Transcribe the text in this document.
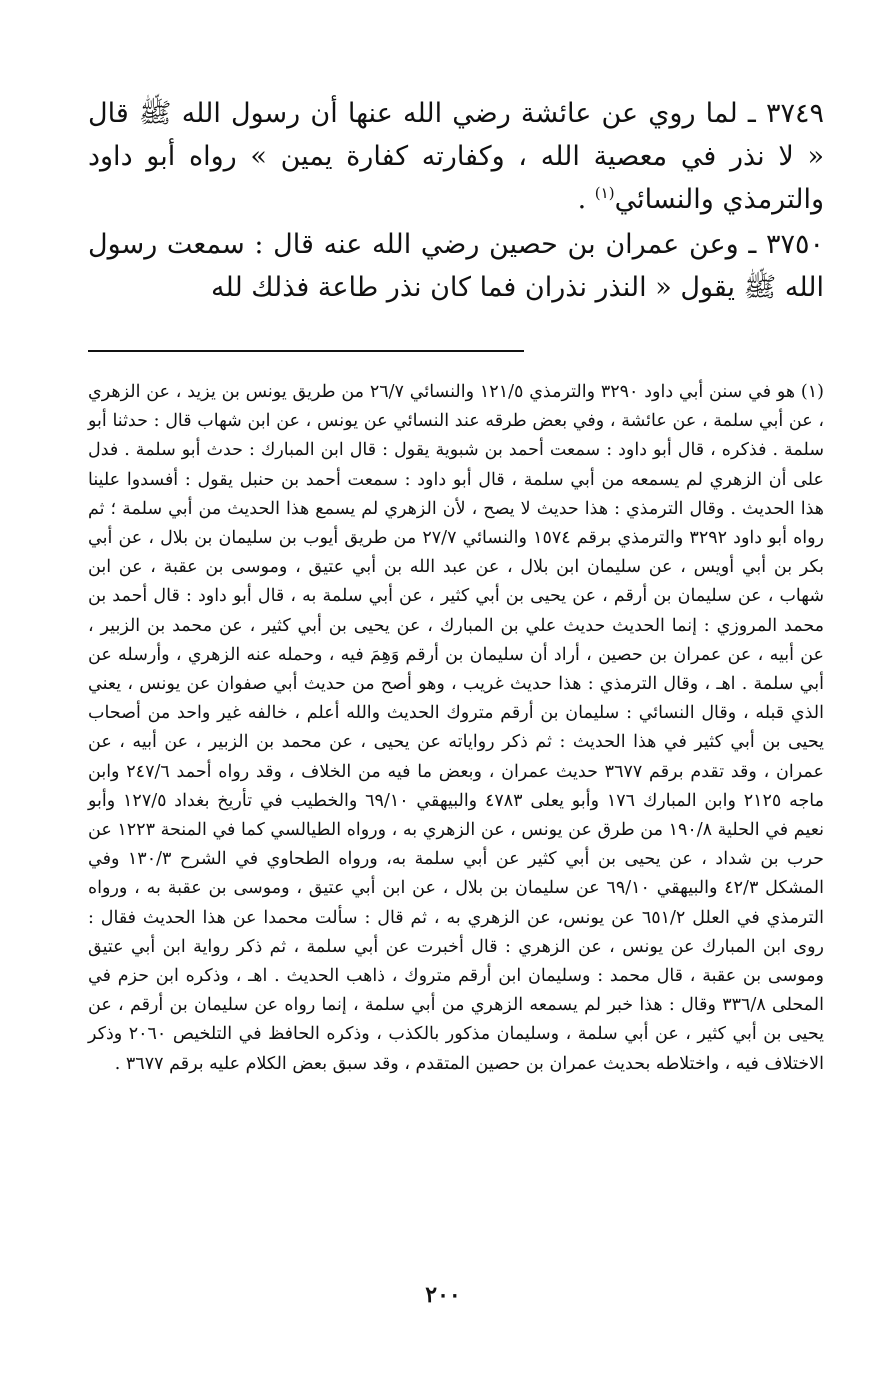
٣٧٤٩ ـ لما روي عن عائشة رضي الله عنها أن رسول الله ﷺ قال « لا نذر في معصية الله ، وكفارته كفارة يمين » رواه أبو داود والترمذي والنسائي$^{(١)}$ .

٣٧٥٠ ـ وعن عمران بن حصين رضي الله عنه قال : سمعت رسول الله ﷺ يقول « النذر نذران فما كان نذر طاعة فذلك لله

(١) هو في سنن أبي داود ٣٢٩٠ والترمذي ١٢١/٥ والنسائي ٢٦/٧ من طريق يونس بن يزيد ، عن الزهري ، عن أبي سلمة ، عن عائشة ، وفي بعض طرقه عند النسائي عن يونس ، عن ابن شهاب قال : حدثنا أبو سلمة . فذكره ، قال أبو داود : سمعت أحمد بن شبوية يقول : قال ابن المبارك : حدث أبو سلمة . فدل على أن الزهري لم يسمعه من أبي سلمة ، قال أبو داود : سمعت أحمد بن حنبل يقول : أفسدوا علينا هذا الحديث . وقال الترمذي : هذا حديث لا يصح ، لأن الزهري لم يسمع هذا الحديث من أبي سلمة ؛ ثم رواه أبو داود ٣٢٩٢ والترمذي برقم ١٥٧٤ والنسائي ٢٧/٧ من طريق أيوب بن سليمان بن بلال ، عن أبي بكر بن أبي أويس ، عن سليمان ابن بلال ، عن عبد الله بن أبي عتيق ، وموسى بن عقبة ، عن ابن شهاب ، عن سليمان بن أرقم ، عن يحيى بن أبي كثير ، عن أبي سلمة به ، قال أبو داود : قال أحمد بن محمد المروزي : إنما الحديث حديث علي بن المبارك ، عن يحيى بن أبي كثير ، عن محمد بن الزبير ، عن أبيه ، عن عمران بن حصين ، أراد أن سليمان بن أرقم وَهِمَ فيه ، وحمله عنه الزهري ، وأرسله عن أبي سلمة . اهـ ، وقال الترمذي : هذا حديث غريب ، وهو أصح من حديث أبي صفوان عن يونس ، يعني الذي قبله ، وقال النسائي : سليمان بن أرقم متروك الحديث والله أعلم ، خالفه غير واحد من أصحاب يحيى بن أبي كثير في هذا الحديث : ثم ذكر رواياته عن يحيى ، عن محمد بن الزبير ، عن أبيه ، عن عمران ، وقد تقدم برقم ٣٦٧٧ حديث عمران ، وبعض ما فيه من الخلاف ، وقد رواه أحمد ٢٤٧/٦ وابن ماجه ٢١٢٥ وابن المبارك ١٧٦ وأبو يعلى ٤٧٨٣ والبيهقي ٦٩/١٠ والخطيب في تأريخ بغداد ١٢٧/٥ وأبو نعيم في الحلية ١٩٠/٨ من طرق عن يونس ، عن الزهري به ، ورواه الطيالسي كما في المنحة ١٢٢٣ عن حرب بن شداد ، عن يحيى بن أبي كثير عن أبي سلمة به، ورواه الطحاوي في الشرح ١٣٠/٣ وفي المشكل ٤٢/٣ والبيهقي ٦٩/١٠ عن سليمان بن بلال ، عن ابن أبي عتيق ، وموسى بن عقبة به ، ورواه الترمذي في العلل ٦٥١/٢ عن يونس، عن الزهري به ، ثم قال : سألت محمدا عن هذا الحديث فقال : روى ابن المبارك عن يونس ، عن الزهري : قال أخبرت عن أبي سلمة ، ثم ذكر رواية ابن أبي عتيق وموسى بن عقبة ، قال محمد : وسليمان ابن أرقم متروك ، ذاهب الحديث . اهـ ، وذكره ابن حزم في المحلى ٣٣٦/٨ وقال : هذا خبر لم يسمعه الزهري من أبي سلمة ، إنما رواه عن سليمان بن أرقم ، عن يحيى بن أبي كثير ، عن أبي سلمة ، وسليمان مذكور بالكذب ، وذكره الحافظ في التلخيص ٢٠٦٠ وذكر الاختلاف فيه ، واختلاطه بحديث عمران بن حصين المتقدم ، وقد سبق بعض الكلام عليه برقم ٣٦٧٧ .

٢٠٠
